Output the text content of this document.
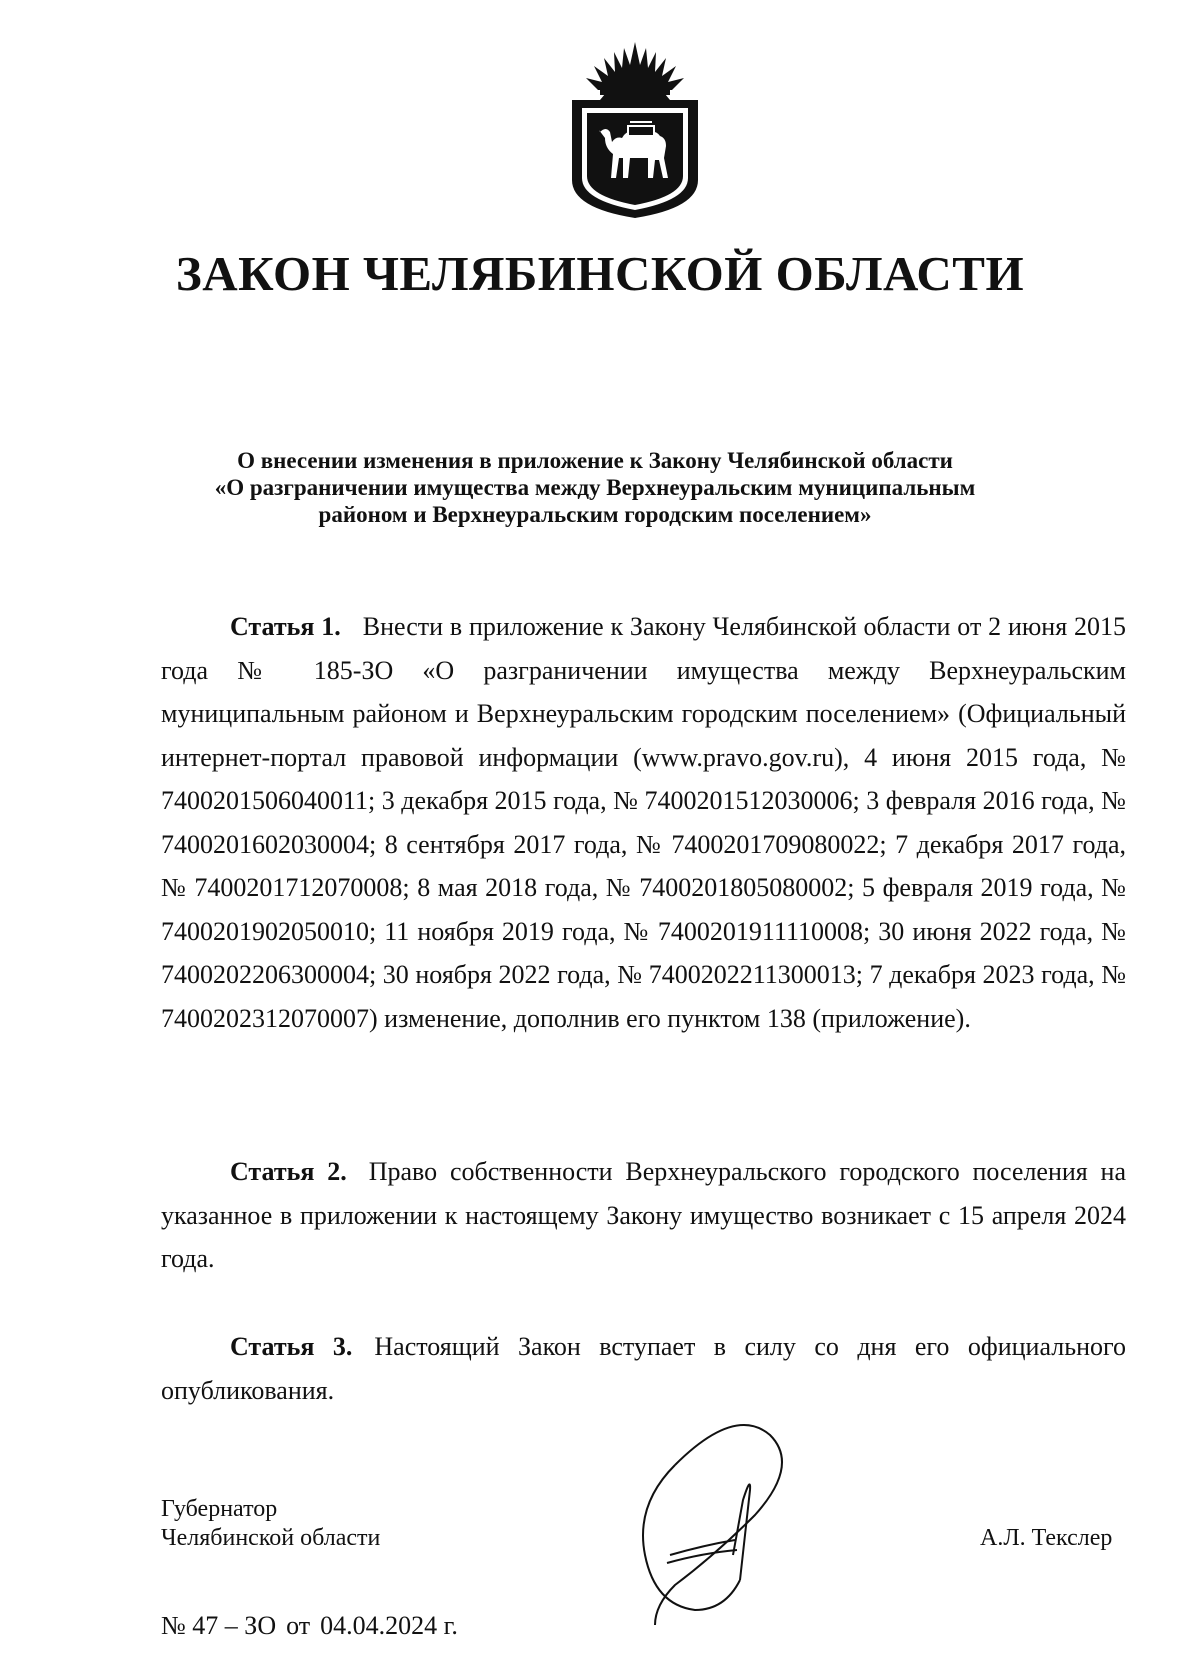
ЗАКОН ЧЕЛЯБИНСКОЙ ОБЛАСТИ
О внесении изменения в приложение к Закону Челябинской области
«О разграничении имущества между Верхнеуральским муниципальным
районом и Верхнеуральским городским поселением»
Статья 1. Внести в приложение к Закону Челябинской области от 2 июня 2015 года № 185-ЗО «О разграничении имущества между Верхнеуральским муниципальным районом и Верхнеуральским городским поселением» (Официальный интернет-портал правовой информации (www.pravo.gov.ru), 4 июня 2015 года, № 7400201506040011; 3 декабря 2015 года, № 7400201512030006; 3 февраля 2016 года, № 7400201602030004; 8 сентября 2017 года, № 7400201709080022; 7 декабря 2017 года, № 7400201712070008; 8 мая 2018 года, № 7400201805080002; 5 февраля 2019 года, № 7400201902050010; 11 ноября 2019 года, № 7400201911110008; 30 июня 2022 года, № 7400202206300004; 30 ноября 2022 года, № 7400202211300013; 7 декабря 2023 года, № 7400202312070007) изменение, дополнив его пунктом 138 (приложение).
Статья 2. Право собственности Верхнеуральского городского поселения на указанное в приложении к настоящему Закону имущество возникает с 15 апреля 2024 года.
Статья 3. Настоящий Закон вступает в силу со дня его официального опубликования.
Губернатор
Челябинской области	А.Л. Текслер
№ 47 – ЗО от 04.04.2024 г.
